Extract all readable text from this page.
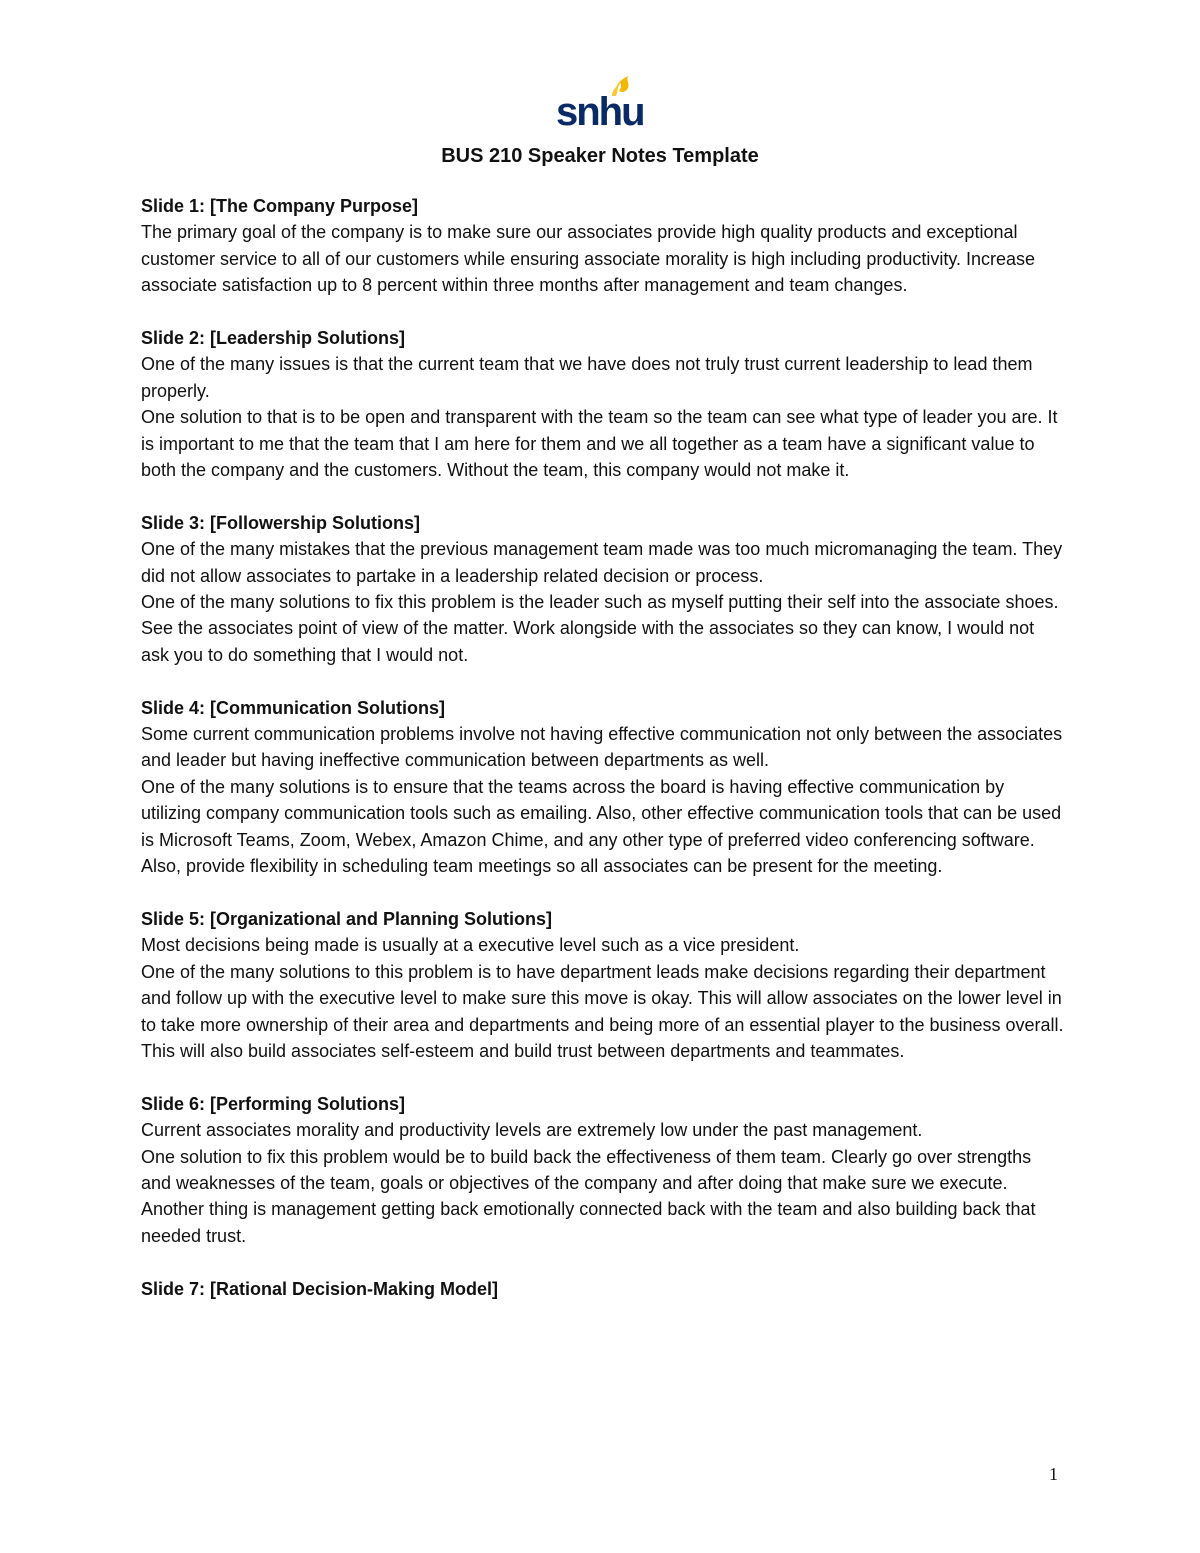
snhu
BUS 210 Speaker Notes Template
Slide 1: [The Company Purpose]
The primary goal of the company is to make sure our associates provide high quality products and exceptional customer service to all of our customers while ensuring associate morality is high including productivity. Increase associate satisfaction up to 8 percent within three months after management and team changes.
Slide 2: [Leadership Solutions]
One of the many issues is that the current team that we have does not truly trust current leadership to lead them properly.
One solution to that is to be open and transparent with the team so the team can see what type of leader you are. It is important to me that the team that I am here for them and we all together as a team have a significant value to both the company and the customers. Without the team, this company would not make it.
Slide 3: [Followership Solutions]
One of the many mistakes that the previous management team made was too much micromanaging the team. They did not allow associates to partake in a leadership related decision or process.
One of the many solutions to fix this problem is the leader such as myself putting their self into the associate shoes. See the associates point of view of the matter. Work alongside with the associates so they can know, I would not ask you to do something that I would not.
Slide 4: [Communication Solutions]
Some current communication problems involve not having effective communication not only between the associates and leader but having ineffective communication between departments as well.
One of the many solutions is to ensure that the teams across the board is having effective communication by utilizing company communication tools such as emailing. Also, other effective communication tools that can be used is Microsoft Teams, Zoom, Webex, Amazon Chime, and any other type of preferred video conferencing software. Also, provide flexibility in scheduling team meetings so all associates can be present for the meeting.
Slide 5: [Organizational and Planning Solutions]
Most decisions being made is usually at a executive level such as a vice president.
One of the many solutions to this problem is to have department leads make decisions regarding their department and follow up with the executive level to make sure this move is okay. This will allow associates on the lower level in to take more ownership of their area and departments and being more of an essential player to the business overall. This will also build associates self-esteem and build trust between departments and teammates.
Slide 6: [Performing Solutions]
Current associates morality and productivity levels are extremely low under the past management.
One solution to fix this problem would be to build back the effectiveness of them team. Clearly go over strengths and weaknesses of the team, goals or objectives of the company and after doing that make sure we execute. Another thing is management getting back emotionally connected back with the team and also building back that needed trust.
Slide 7: [Rational Decision-Making Model]
1
